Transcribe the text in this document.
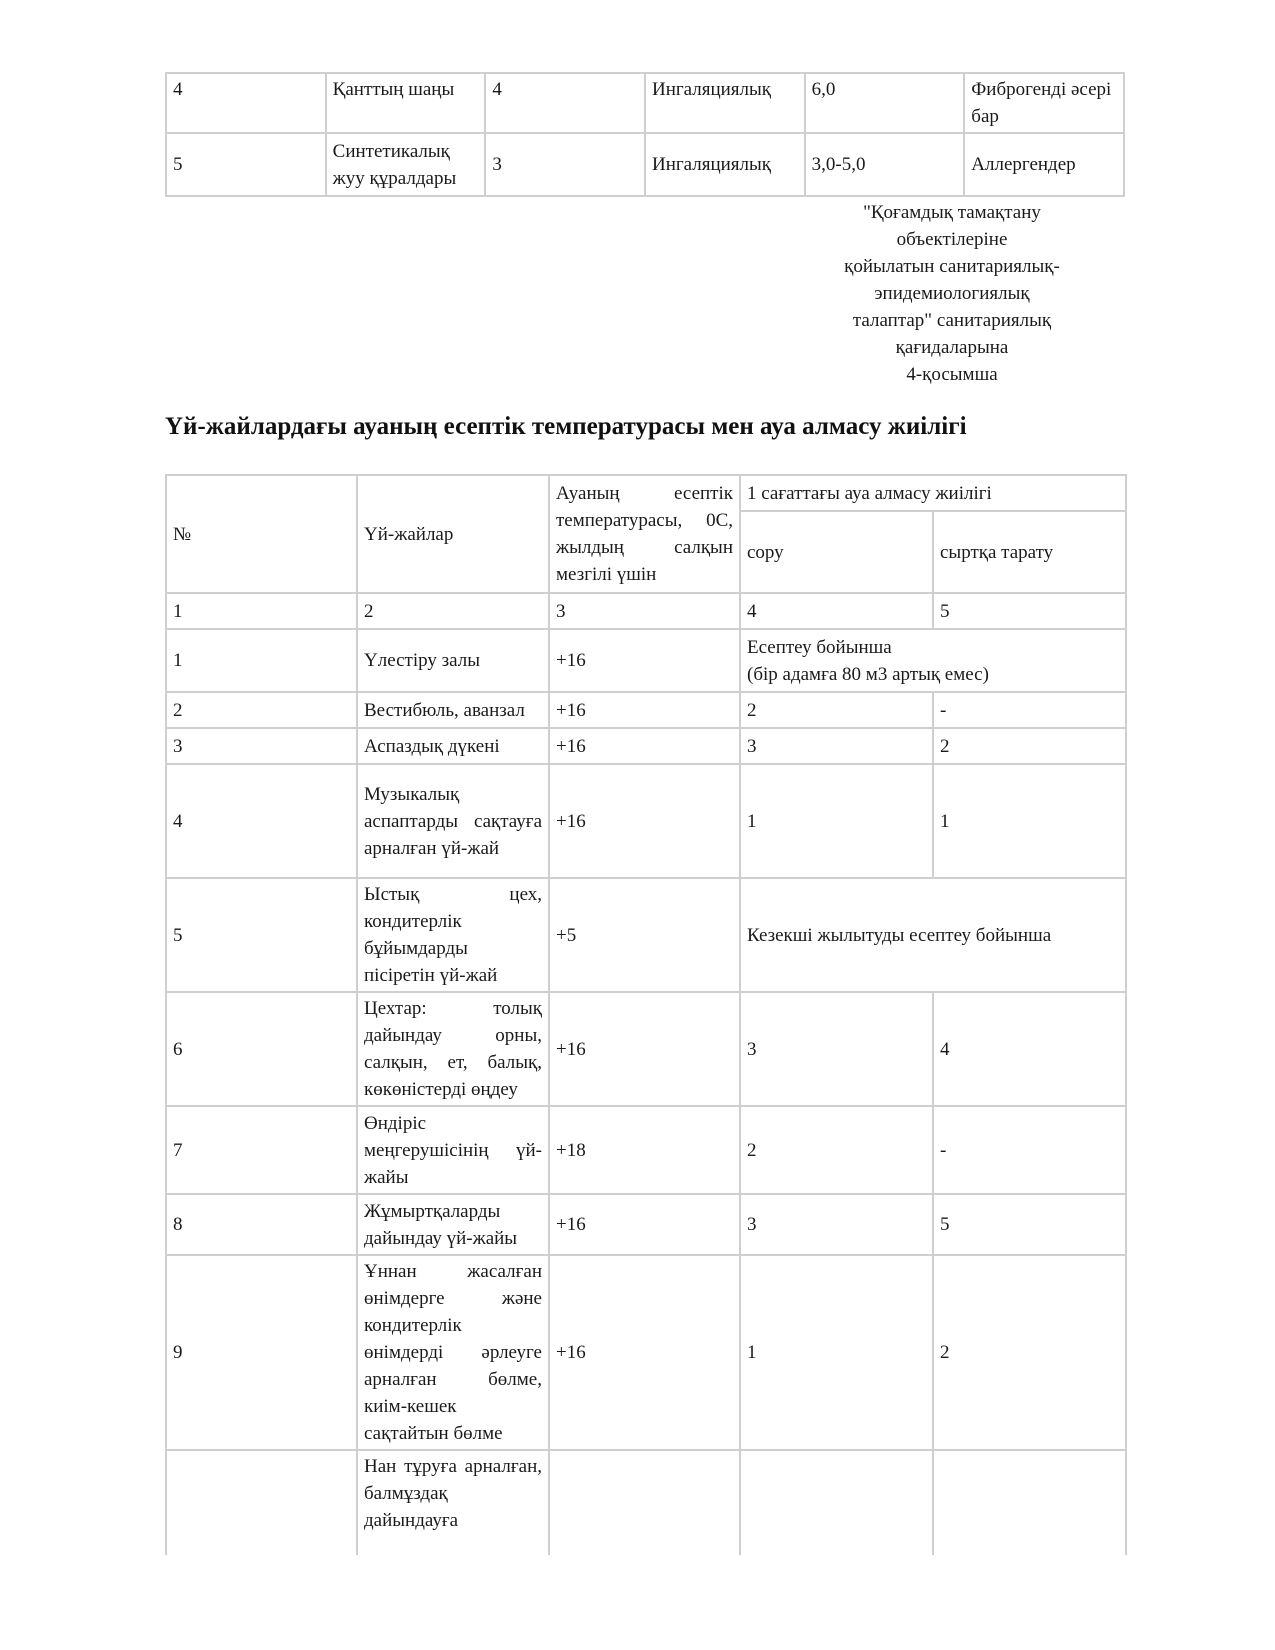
4	Қанттың шаңы	4	Ингаляциялық	6,0	Фиброгенді әсері бар
5	Синтетикалық жуу құралдары	3	Ингаляциялық	3,0-5,0	Аллергендер
"Қоғамдық тамақтану
объектілеріне
қойылатын санитариялық-
эпидемиологиялық
талаптар" санитариялық
қағидаларына
4-қосымша
Үй-жайлардағы ауаның есептік температурасы мен ауа алмасу жиілігі
№	Үй-жайлар	Ауаның есептік температурасы, 0С, жылдың салқын мезгілі үшін	1 сағаттағы ауа алмасу жиілігі	
			сору	сыртқа тарату
1	2	3	4	5
1	Үлестіру залы	+16	Есептеу бойынша
(бір адамға 80 м3 артық емес)	

2	Вестибюль, аванзал	+16	2	-
3	Аспаздық дүкені	+16	3	2
4	Музыкалық аспаптарды сақтауға арналған үй-жай	+16	1	1
5	Ыстық цех, кондитерлік бұйымдарды пісіретін үй-жай	+5	Кезекші жылытуды есептеу бойынша	
6	Цехтар: толық дайындау орны, салқын, ет, балық, көкөністерді өңдеу	+16	3	4
7	Өндіріс меңгерушісінің үй-жайы	+18	2	-
8	Жұмыртқаларды дайындау үй-жайы	+16	3	5
9	Ұннан жасалған өнімдерге және кондитерлік өнімдерді әрлеуге арналған бөлме, киім-кешек сақтайтын бөлме	+16	1	2
	Нан тұруға арналған, балмұздақ дайындауға			
